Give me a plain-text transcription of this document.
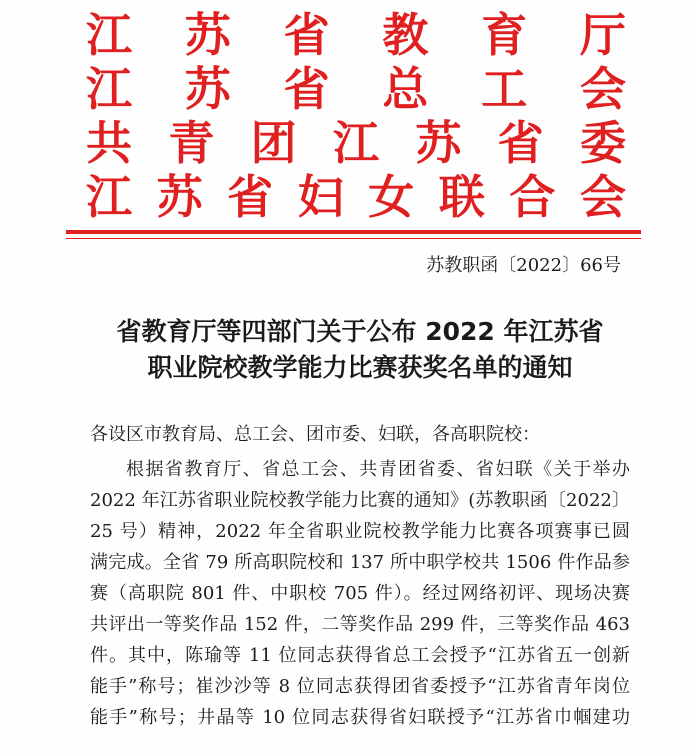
江 苏 省 教 育 厅
江 苏 省 总 工 会
共 青 团 江 苏 省 委
江 苏 省 妇 女 联 合 会
苏教职函〔2022〕66号
省教育厅等四部门关于公布 2022 年江苏省
职业院校教学能力比赛获奖名单的通知
各设区市教育局、总工会、团市委、妇联，各高职院校：
根据省教育厅、省总工会、共青团省委、省妇联《关于举办
2022 年江苏省职业院校教学能力比赛的通知》(苏教职函〔2022〕
25 号）精神，2022 年全省职业院校教学能力比赛各项赛事已圆
满完成。全省 79 所高职院校和 137 所中职学校共 1506 件作品参
赛（高职院 801 件、中职校 705 件）。经过网络初评、现场决赛
共评出一等奖作品 152 件，二等奖作品 299 件，三等奖作品 463
件。其中，陈瑜等 11 位同志获得省总工会授予“江苏省五一创新
能手”称号；崔沙沙等 8 位同志获得团省委授予“江苏省青年岗位
能手”称号；井晶等 10 位同志获得省妇联授予“江苏省巾帼建功
